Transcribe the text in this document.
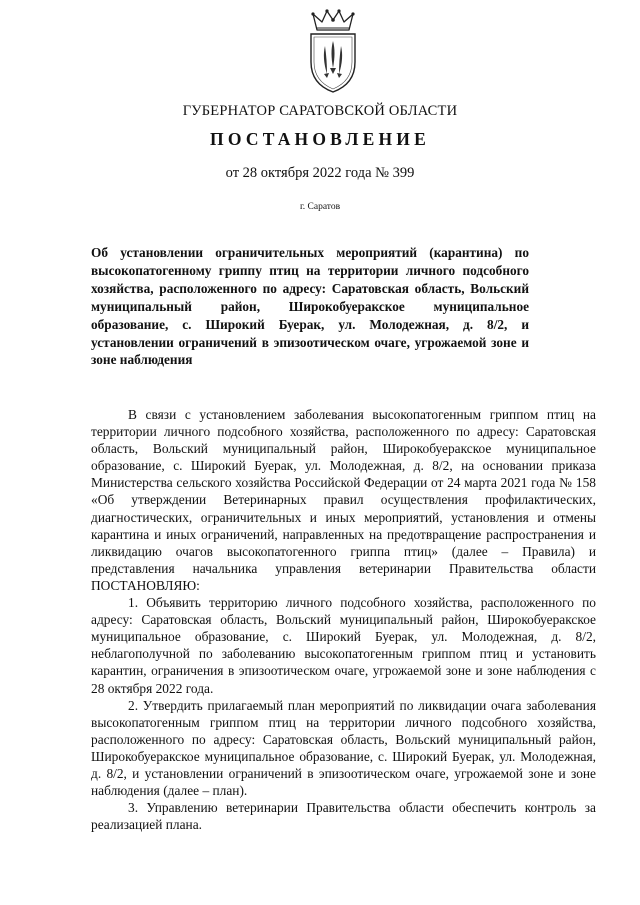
ГУБЕРНАТОР САРАТОВСКОЙ ОБЛАСТИ
ПОСТАНОВЛЕНИЕ
от 28 октября 2022 года № 399
г. Саратов
Об установлении ограничительных мероприятий (карантина) по высокопатогенному гриппу птиц на территории личного подсобного хозяйства, расположенного по адресу: Саратовская область, Вольский муниципальный район, Широкобуеракское муниципальное образование, с. Широкий Буерак, ул. Молодежная, д. 8/2, и установлении ограничений в эпизоотическом очаге, угрожаемой зоне и зоне наблюдения

В связи с установлением заболевания высокопатогенным гриппом птиц на территории личного подсобного хозяйства, расположенного по адресу: Саратовская область, Вольский муниципальный район, Широкобуеракское муниципальное образование, с. Широкий Буерак, ул. Молодежная, д. 8/2, на основании приказа Министерства сельского хозяйства Российской Федерации от 24 марта 2021 года № 158 «Об утверждении Ветеринарных правил осуществления профилактических, диагностических, ограничительных и иных мероприятий, установления и отмены карантина и иных ограничений, направленных на предотвращение распространения и ликвидацию очагов высокопатогенного гриппа птиц» (далее – Правила) и представления начальника управления ветеринарии Правительства области ПОСТАНОВЛЯЮ:

1. Объявить территорию личного подсобного хозяйства, расположенного по адресу: Саратовская область, Вольский муниципальный район, Широкобуеракское муниципальное образование, с. Широкий Буерак, ул. Молодежная, д. 8/2, неблагополучной по заболеванию высокопатогенным гриппом птиц и установить карантин, ограничения в эпизоотическом очаге, угрожаемой зоне и зоне наблюдения с 28 октября 2022 года.

2. Утвердить прилагаемый план мероприятий по ликвидации очага заболевания высокопатогенным гриппом птиц на территории личного подсобного хозяйства, расположенного по адресу: Саратовская область, Вольский муниципальный район, Широкобуеракское муниципальное образование, с. Широкий Буерак, ул. Молодежная, д. 8/2, и установлении ограничений в эпизоотическом очаге, угрожаемой зоне и зоне наблюдения (далее – план).

3. Управлению ветеринарии Правительства области обеспечить контроль за реализацией плана.
